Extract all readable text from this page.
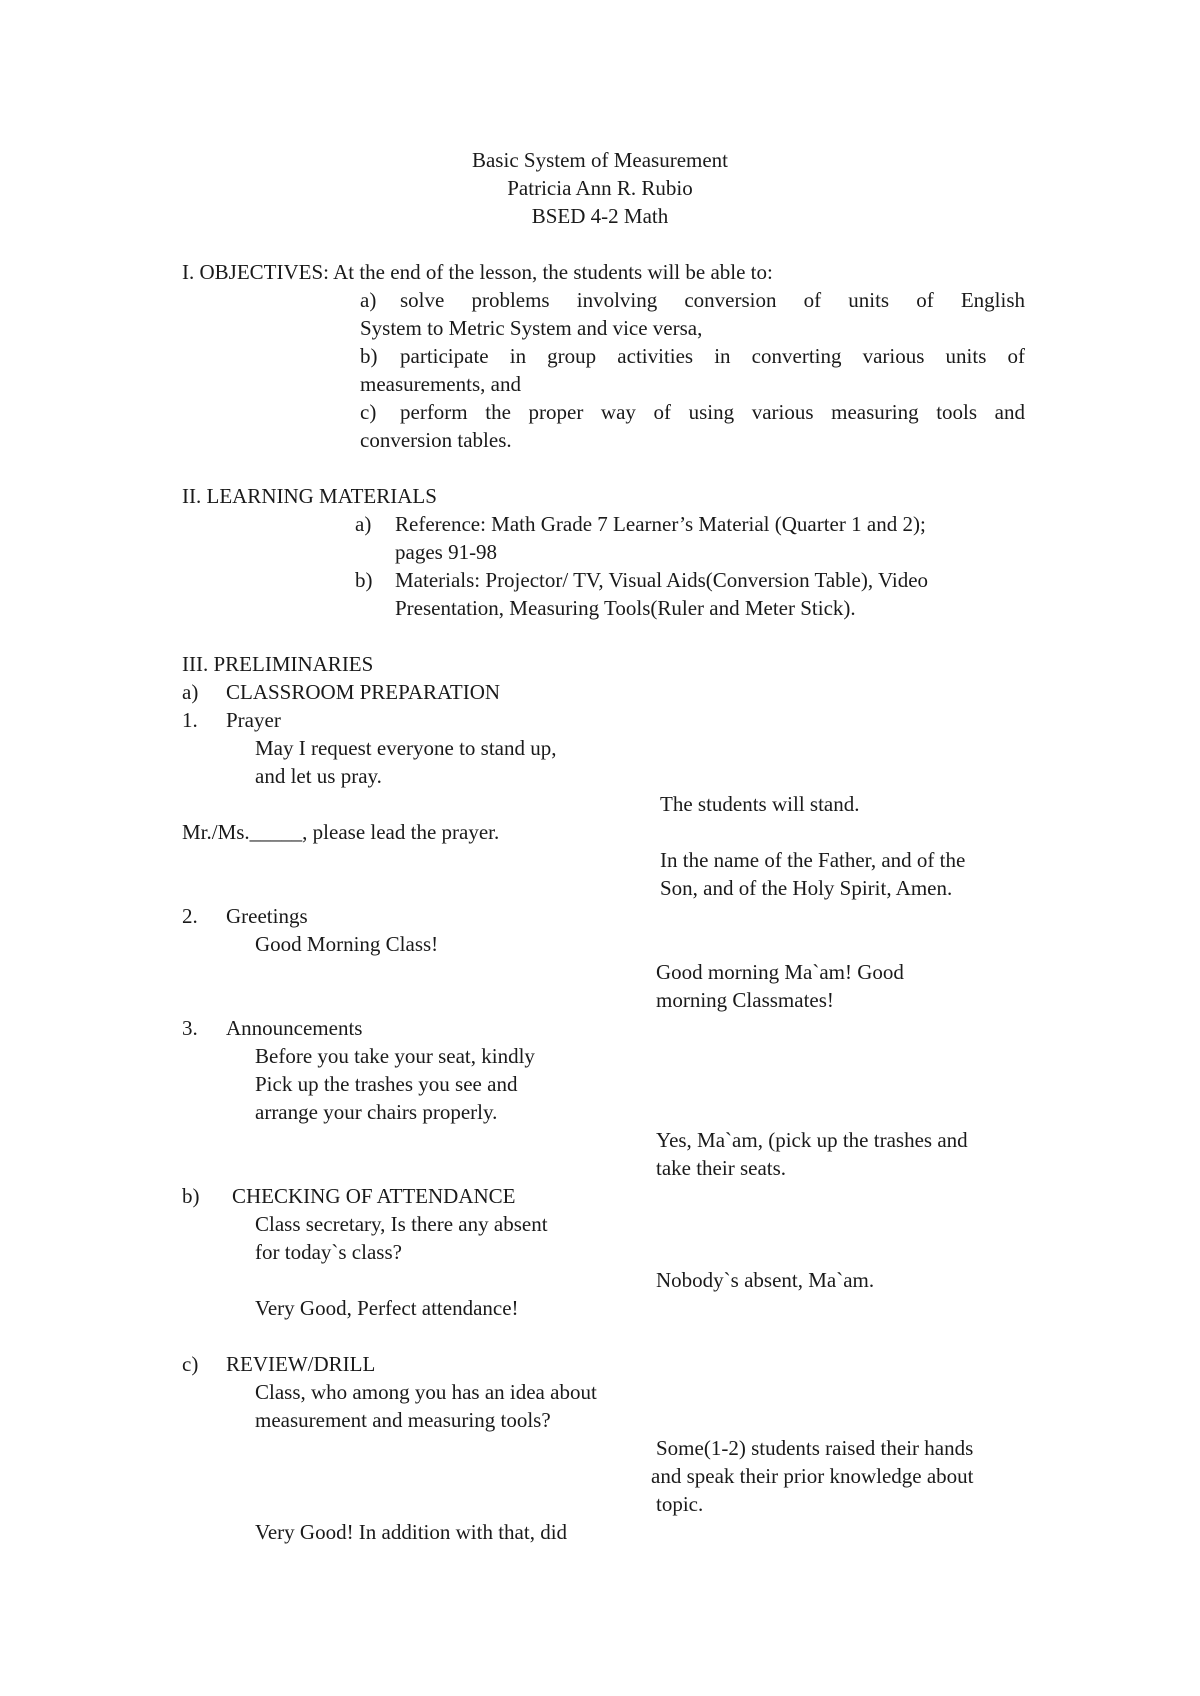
Basic System of Measurement
Patricia Ann R. Rubio
BSED 4-2 Math
I. OBJECTIVES: At the end of the lesson, the students will be able to:
a) solve problems involving conversion of units of English
System to Metric System and vice versa,
b) participate in group activities in converting various units of
measurements, and
c) perform the proper way of using various measuring tools and
conversion tables.
II. LEARNING MATERIALS
a) Reference: Math Grade 7 Learner’s Material (Quarter 1 and 2);
pages 91-98
b) Materials: Projector/ TV, Visual Aids(Conversion Table), Video
Presentation, Measuring Tools(Ruler and Meter Stick).
III. PRELIMINARIES
a) CLASSROOM PREPARATION
1. Prayer
May I request everyone to stand up,
and let us pray.
The students will stand.
Mr./Ms._____, please lead the prayer.
In the name of the Father, and of the
Son, and of the Holy Spirit, Amen.
2. Greetings
Good Morning Class!
Good morning Ma`am! Good
morning Classmates!
3. Announcements
Before you take your seat, kindly
Pick up the trashes you see and
arrange your chairs properly.
Yes, Ma`am, (pick up the trashes and
take their seats.
b) CHECKING OF ATTENDANCE
Class secretary, Is there any absent
for today`s class?
Nobody`s absent, Ma`am.
Very Good, Perfect attendance!
c) REVIEW/DRILL
Class, who among you has an idea about
measurement and measuring tools?
Some(1-2) students raised their hands
and speak their prior knowledge about
topic.
Very Good! In addition with that, did
